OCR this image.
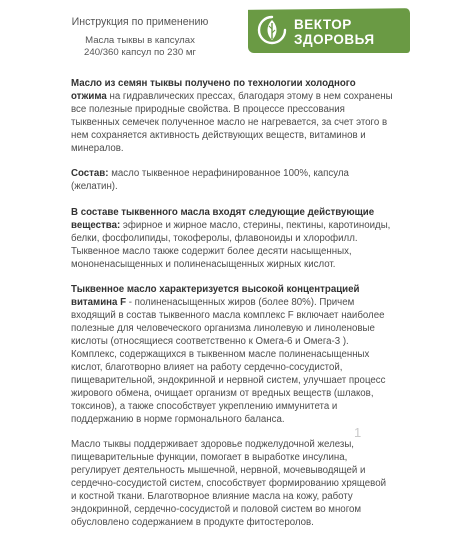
Инструкция по применению
Масла тыквы в капсулах
240/360 капсул по 230 мг
ВЕКТОР
ЗДОРОВЬЯ

Масло из семян тыквы получено по технологии холодного отжима на гидравлических прессах, благодаря этому в нем сохранены все полезные природные свойства. В процессе прессования тыквенных семечек полученное масло не нагревается, за счет этого в нем сохраняется активность действующих веществ, витаминов и минералов.

Состав: масло тыквенное нерафинированное 100%, капсула (желатин).

В составе тыквенного масла входят следующие действующие вещества: эфирное и жирное масло, стерины, пектины, каротиноиды, белки, фосфолипиды, токоферолы, флавоноиды и хлорофилл. Тыквенное масло также содержит более десяти насыщенных, мононенасыщенных и полиненасыщенных жирных кислот.

Тыквенное масло характеризуется высокой концентрацией витамина F - полиненасыщенных жиров (более 80%). Причем входящий в состав тыквенного масла комплекс F включает наиболее полезные для человеческого организма линолевую и линоленовые кислоты (относящиеся соответственно к Омега-6 и Омега-3 ). Комплекс, содержащихся в тыквенном масле полиненасыщенных кислот, благотворно влияет на работу сердечно-сосудистой, пищеварительной, эндокринной и нервной систем, улучшает процесс жирового обмена, очищает организм от вредных веществ (шлаков, токсинов), а также способствует укреплению иммунитета и поддержанию в норме гормонального баланса.

Масло тыквы поддерживает здоровье поджелудочной железы, пищеварительные функции, помогает в выработке инсулина, регулирует деятельность мышечной, нервной, мочевыводящей и сердечно-сосудистой систем, способствует формированию хрящевой и костной ткани. Благотворное влияние масла на кожу, работу эндокринной, сердечно-сосудистой и половой систем во многом обусловлено содержанием в продукте фитостеролов.

1
